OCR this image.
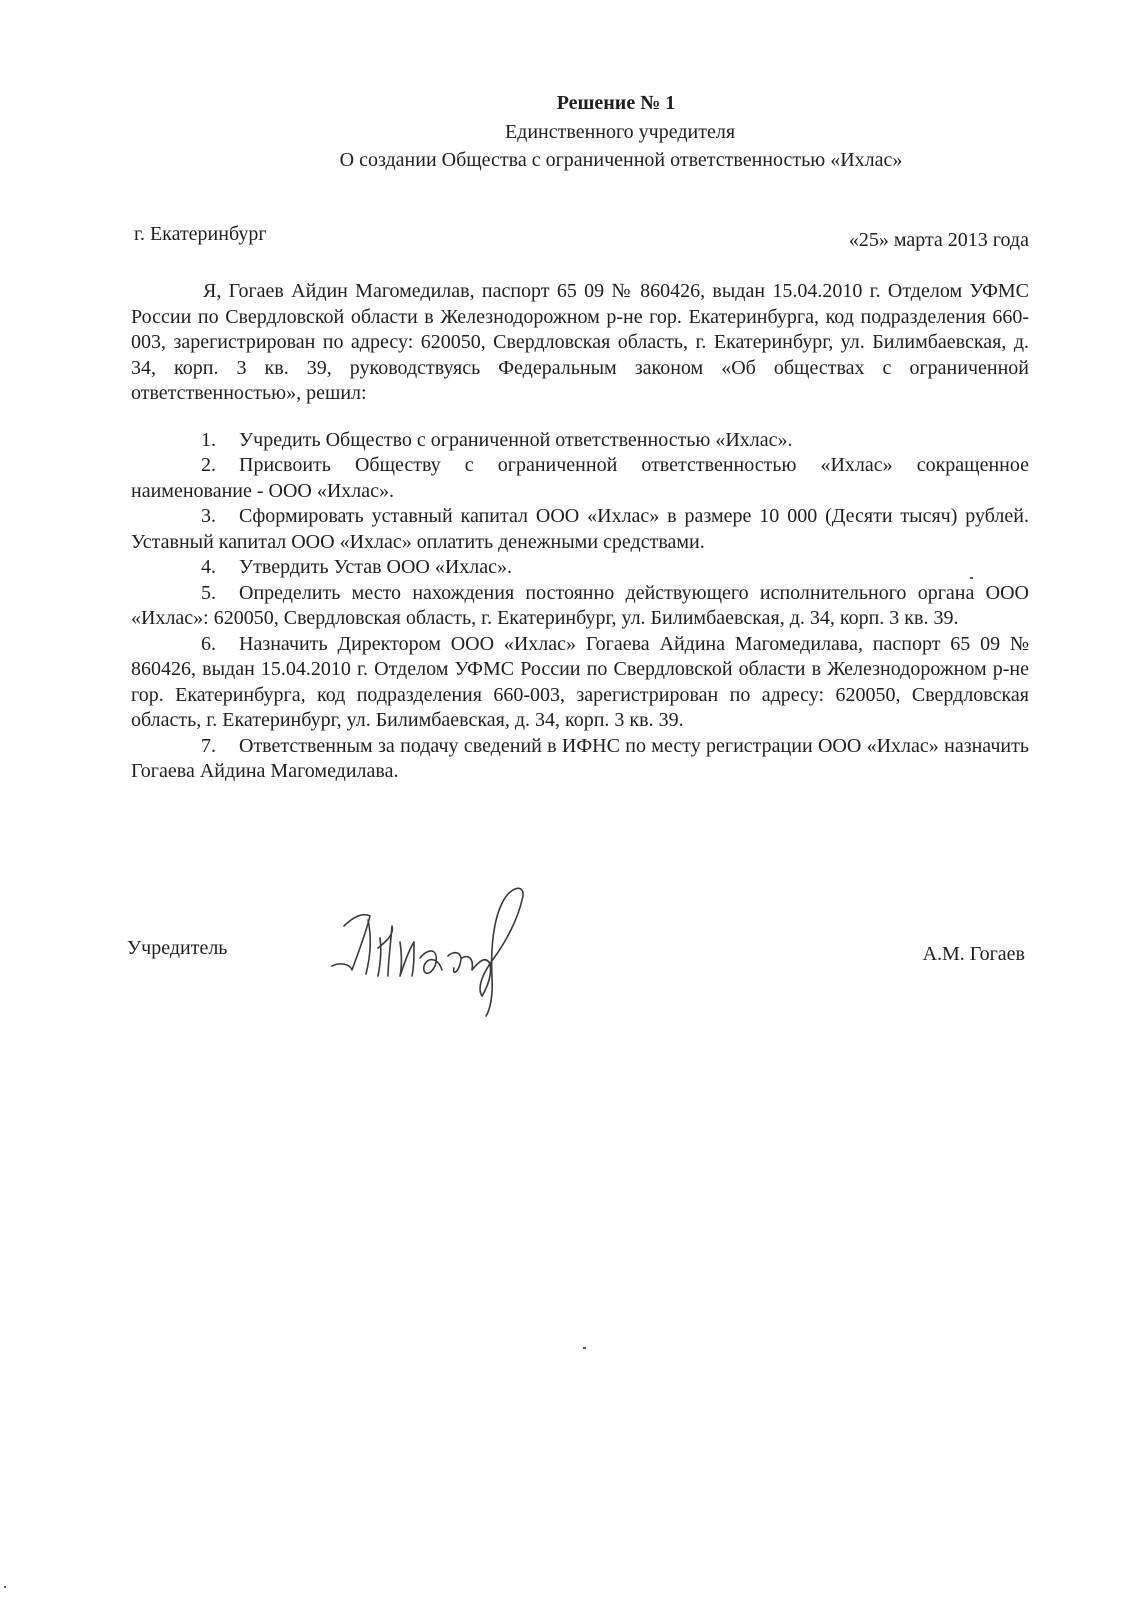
Решение № 1
Единственного учредителя
О создании Общества с ограниченной ответственностью «Ихлас»
г. Екатеринбург	«25» марта 2013 года

Я, Гогаев Айдин Магомедилав, паспорт 65 09 № 860426, выдан 15.04.2010 г. Отделом УФМС России по Свердловской области в Железнодорожном р-не гор. Екатеринбурга, код подразделения 660-003, зарегистрирован по адресу: 620050, Свердловская область, г. Екатеринбург, ул. Билимбаевская, д. 34, корп. 3 кв. 39, руководствуясь Федеральным законом «Об обществах с ограниченной ответственностью», решил:

1. Учредить Общество с ограниченной ответственностью «Ихлас».

2. Присвоить Обществу с ограниченной ответственностью «Ихлас» сокращенное наименование - ООО «Ихлас».

3. Сформировать уставный капитал ООО «Ихлас» в размере 10 000 (Десяти тысяч) рублей. Уставный капитал ООО «Ихлас» оплатить денежными средствами.

4. Утвердить Устав ООО «Ихлас».

5. Определить место нахождения постоянно действующего исполнительного органа ООО «Ихлас»: 620050, Свердловская область, г. Екатеринбург, ул. Билимбаевская, д. 34, корп. 3 кв. 39.

6. Назначить Директором ООО «Ихлас» Гогаева Айдина Магомедилава, паспорт 65 09 № 860426, выдан 15.04.2010 г. Отделом УФМС России по Свердловской области в Железнодорожном р-не гор. Екатеринбурга, код подразделения 660-003, зарегистрирован по адресу: 620050, Свердловская область, г. Екатеринбург, ул. Билимбаевская, д. 34, корп. 3 кв. 39.

7. Ответственным за подачу сведений в ИФНС по месту регистрации ООО «Ихлас» назначить Гогаева Айдина Магомедилава.

Учредитель	А.М. Гогаев
